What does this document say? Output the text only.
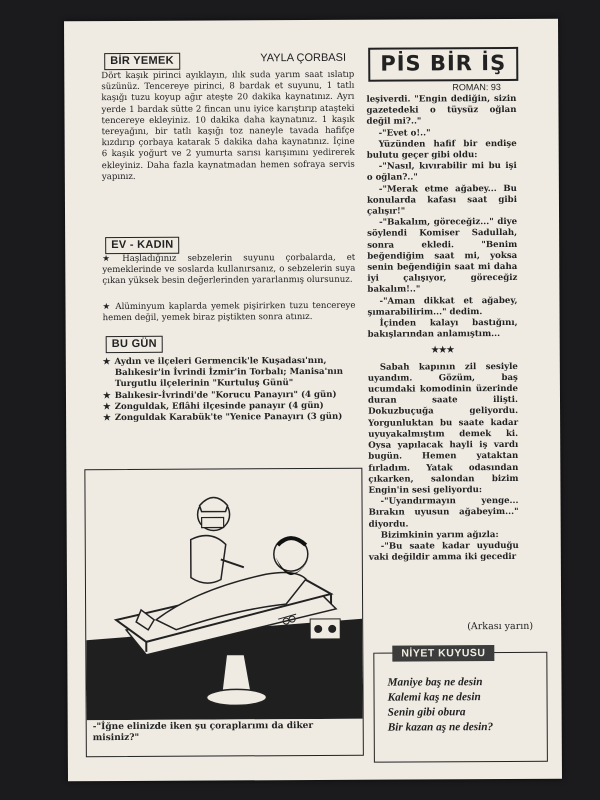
BİR YEMEK	YAYLA ÇORBASI
Dört kaşık pirinci ayıklayın, ılık suda yarım saat ıslatıp süzünüz. Tencereye pirinci, 8 bardak et suyunu, 1 tatlı kaşığı tuzu koyup ağır ateşte 20 dakika kaynatınız. Ayrı yerde 1 bardak sütte 2 fincan unu iyice karıştırıp ataşteki tencereye ekleyiniz. 10 dakika daha kaynatınız. 1 kaşık tereyağını, bir tatlı kaşığı toz naneyle tavada hafifçe kızdırıp çorbaya katarak 5 dakika daha kaynatınız. İçine 6 kaşık yoğurt ve 2 yumurta sarısı karışımını yedirerek ekleyiniz. Daha fazla kaynatmadan hemen sofraya servis yapınız.
EV - KADIN
★ Haşladığınız sebzelerin suyunu çorbalarda, et yemeklerinde ve soslarda kullanırsanız, o sebzelerin suya çıkan yüksek besin değerlerinden yararlanmış olursunuz.
★ Alüminyum kaplarda yemek pişirirken tuzu tencereye hemen değil, yemek biraz piştikten sonra atınız.
BU GÜN
★ Aydın ve ilçeleri Germencik'le Kuşadası'nın, Balıkesir'in İvrindi İzmir'in Torbalı; Manisa'nın Turgutlu ilçelerinin "Kurtuluş Günü"
★ Balıkesir-İvrindi'de "Korucu Panayırı" (4 gün)
★ Zonguldak, Eflâhi ilçesinde panayır (4 gün)
★ Zonguldak Karabük'te "Yenice Panayırı (3 gün)
-"İğne elinizde iken şu çoraplarımı da diker misiniz?"
PİS BİR İŞ
ROMAN: 93

leşiverdi. "Engin dediğin, sizin gazetedeki o tüysüz oğlan değil mi?.."

-"Evet o!.."

Yüzünden hafif bir endişe bulutu geçer gibi oldu:

-"Nasıl, kıvırabilir mi bu işi o oğlan?.."

-"Merak etme ağabey... Bu konularda kafası saat gibi çalışır!"

-"Bakalım, göreceğiz..." diye söylendi Komiser Sadullah, sonra ekledi. "Benim beğendiğim saat mi, yoksa senin beğendiğin saat mi daha iyi çalışıyor, göreceğiz bakalım!.."

-"Aman dikkat et ağabey, şımarabilirim..." dedim.

İçinden kalayı bastığını, bakışlarından anlamıştım...

★★★

Sabah kapının zil sesiyle uyandım. Gözüm, baş ucumdaki komodinin üzerinde duran saate ilişti. Dokuzbuçuğa geliyordu. Yorgunluktan bu saate kadar uyuyakalmıştım demek ki. Oysa yapılacak hayli iş vardı bugün. Hemen yataktan fırladım. Yatak odasından çıkarken, salondan bizim Engin'in sesi geliyordu:

-"Uyandırmayın yenge... Bırakın uyusun ağabeyim..." diyordu.

Bizimkinin yarım ağızla:

-"Bu saate kadar uyuduğu vaki değildir amma iki gecedir

(Arkası yarın)
NİYET KUYUSU
Maniye baş ne desin
Kalemi kaş ne desin
Senin gibi obura
Bir kazan aş ne desin?
